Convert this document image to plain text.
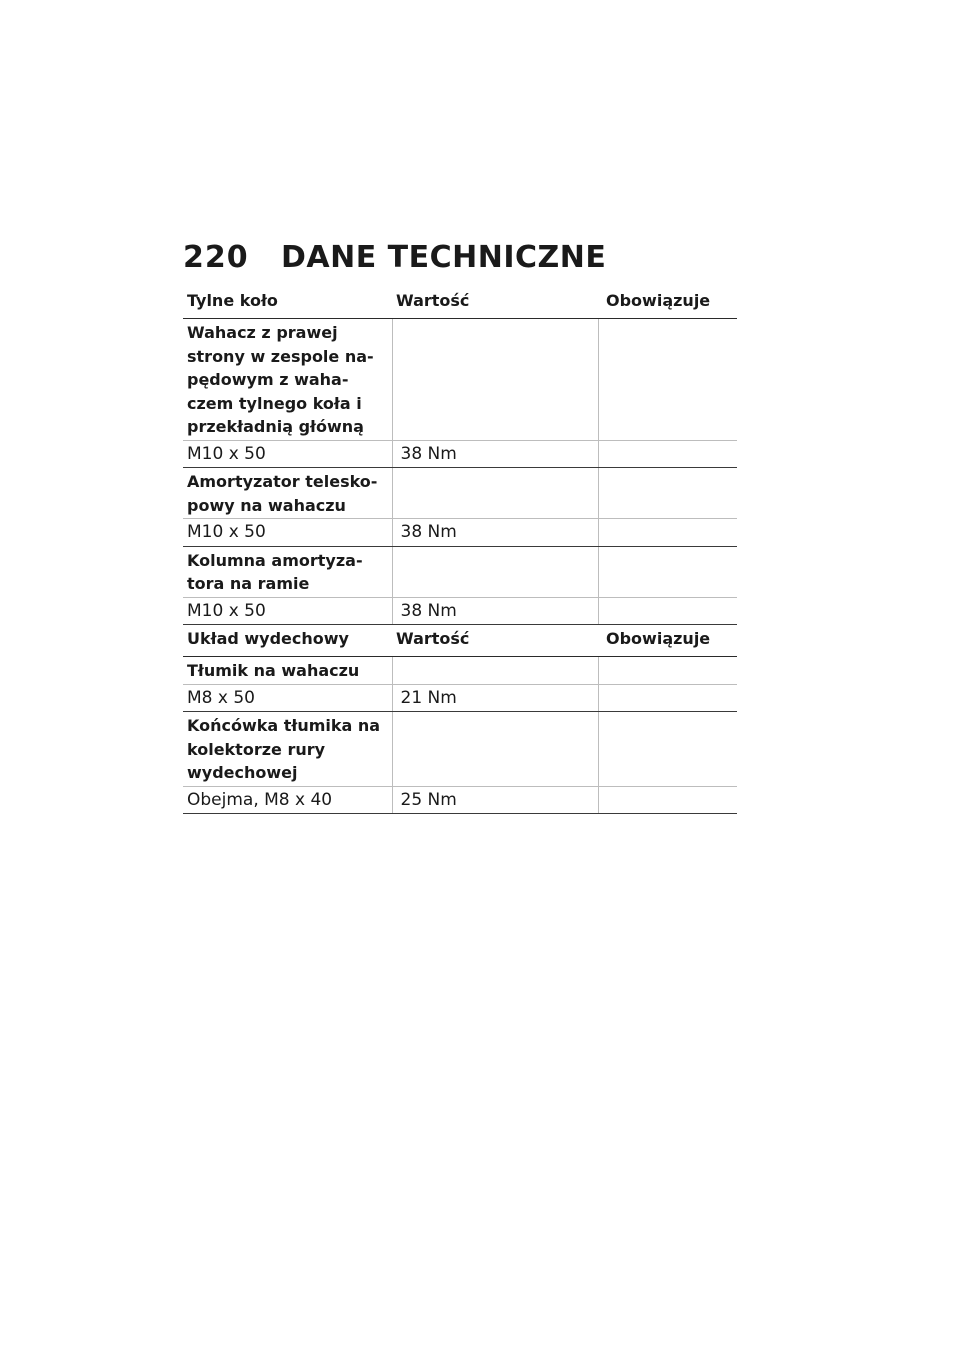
220	DANE TECHNICZNE
Tylne koło	Wartość	Obowiązuje
Wahacz z prawej strony w zespole na-pędowym z waha-czem tylnego koła i przekładnią główną		
M10 x 50	38 Nm	
Amortyzator telesko-powy na wahaczu		
M10 x 50	38 Nm	
Kolumna amortyza-tora na ramie		
M10 x 50	38 Nm	
Układ wydechowy	Wartość	Obowiązuje
Tłumik na wahaczu		
M8 x 50	21 Nm	
Końcówka tłumika na kolektorze rury wydechowej		
Obejma, M8 x 40	25 Nm	
